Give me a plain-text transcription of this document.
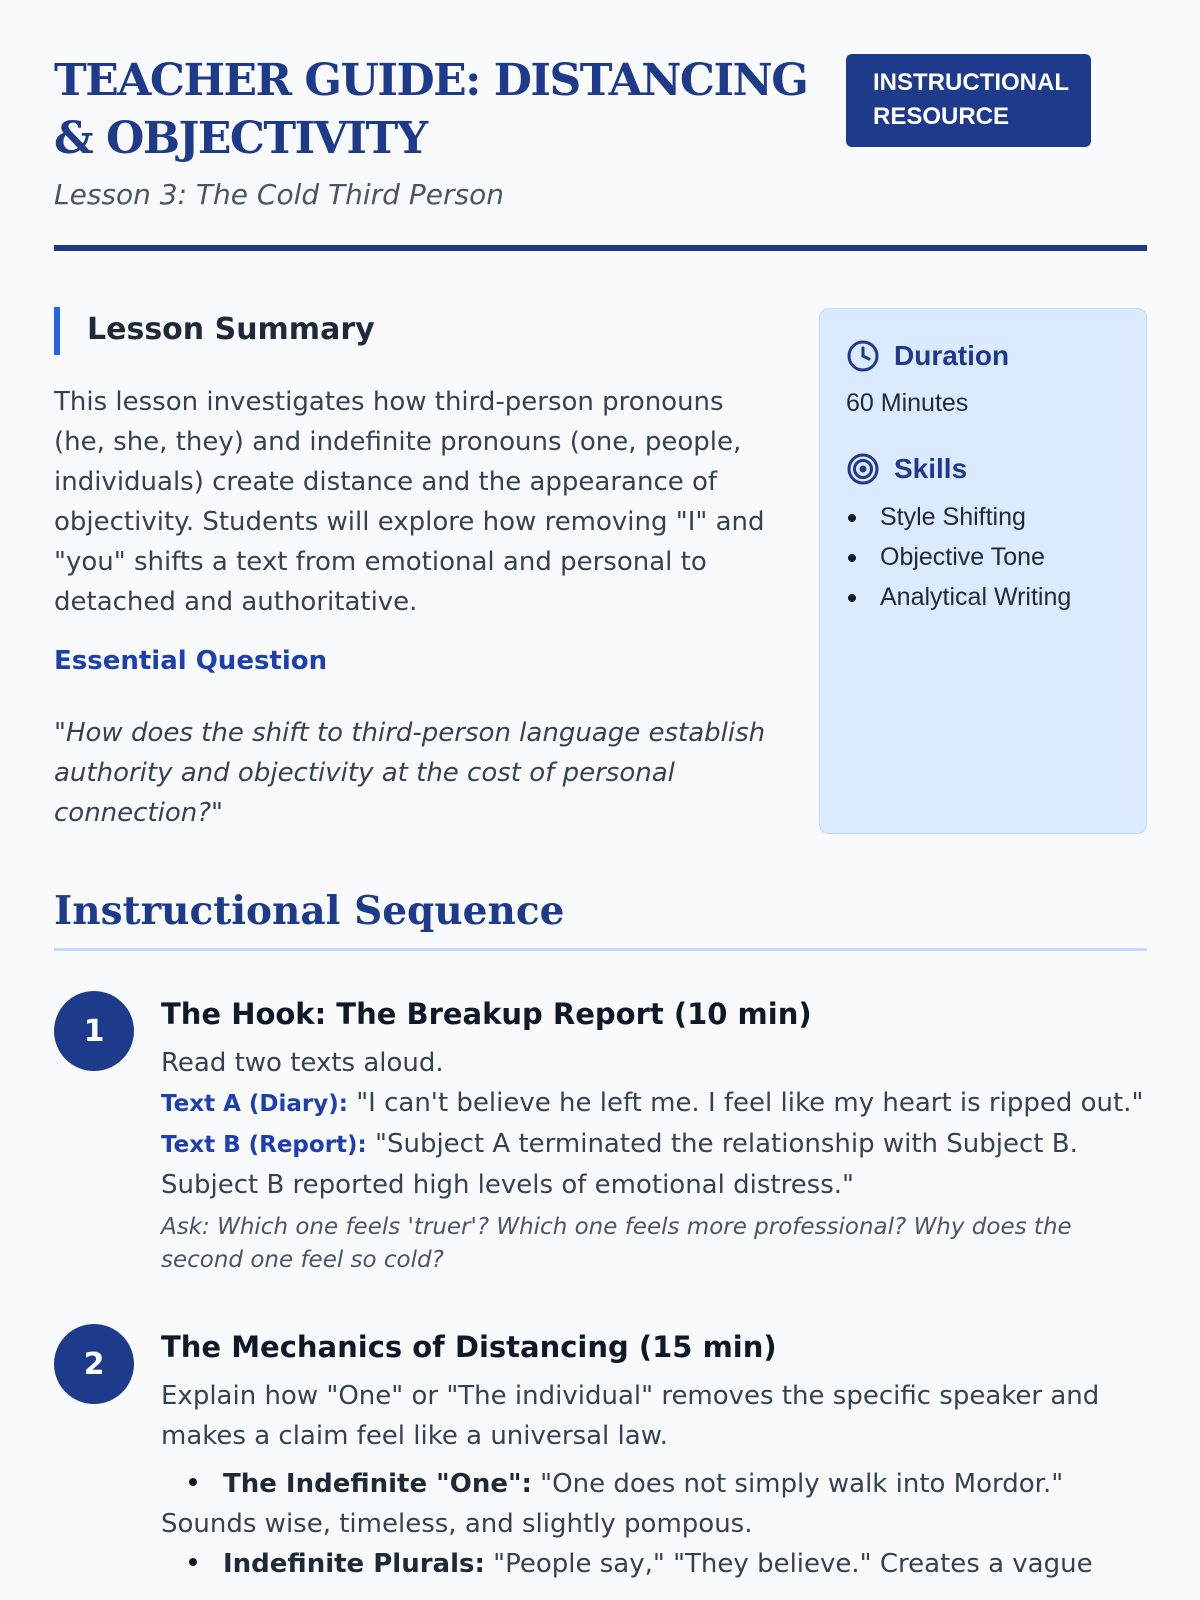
TEACHER GUIDE: DISTANCING & OBJECTIVITY

Lesson 3: The Cold Third Person

INSTRUCTIONAL RESOURCE
Lesson Summary

This lesson investigates how third-person pronouns (he, she, they) and indefinite pronouns (one, people, individuals) create distance and the appearance of objectivity. Students will explore how removing "I" and "you" shifts a text from emotional and personal to detached and authoritative.

Essential Question

"How does the shift to third-person language establish authority and objectivity at the cost of personal connection?"

Duration

60 Minutes

Skills
Style Shifting
Objective Tone
Analytical Writing
Instructional Sequence
1	The Hook: The Breakup Report (10 min)

Read two texts aloud.

Text A (Diary): "I can't believe he left me. I feel like my heart is ripped out."

Text B (Report): "Subject A terminated the relationship with Subject B. Subject B reported high levels of emotional distress."

Ask: Which one feels 'truer'? Which one feels more professional? Why does the second one feel so cold?

2	The Mechanics of Distancing (15 min)

Explain how "One" or "The individual" removes the specific speaker and makes a claim feel like a universal law.

The Indefinite "One": "One does not simply walk into Mordor." Sounds wise, timeless, and slightly pompous.
Indefinite Plurals: "People say," "They believe." Creates a vague
